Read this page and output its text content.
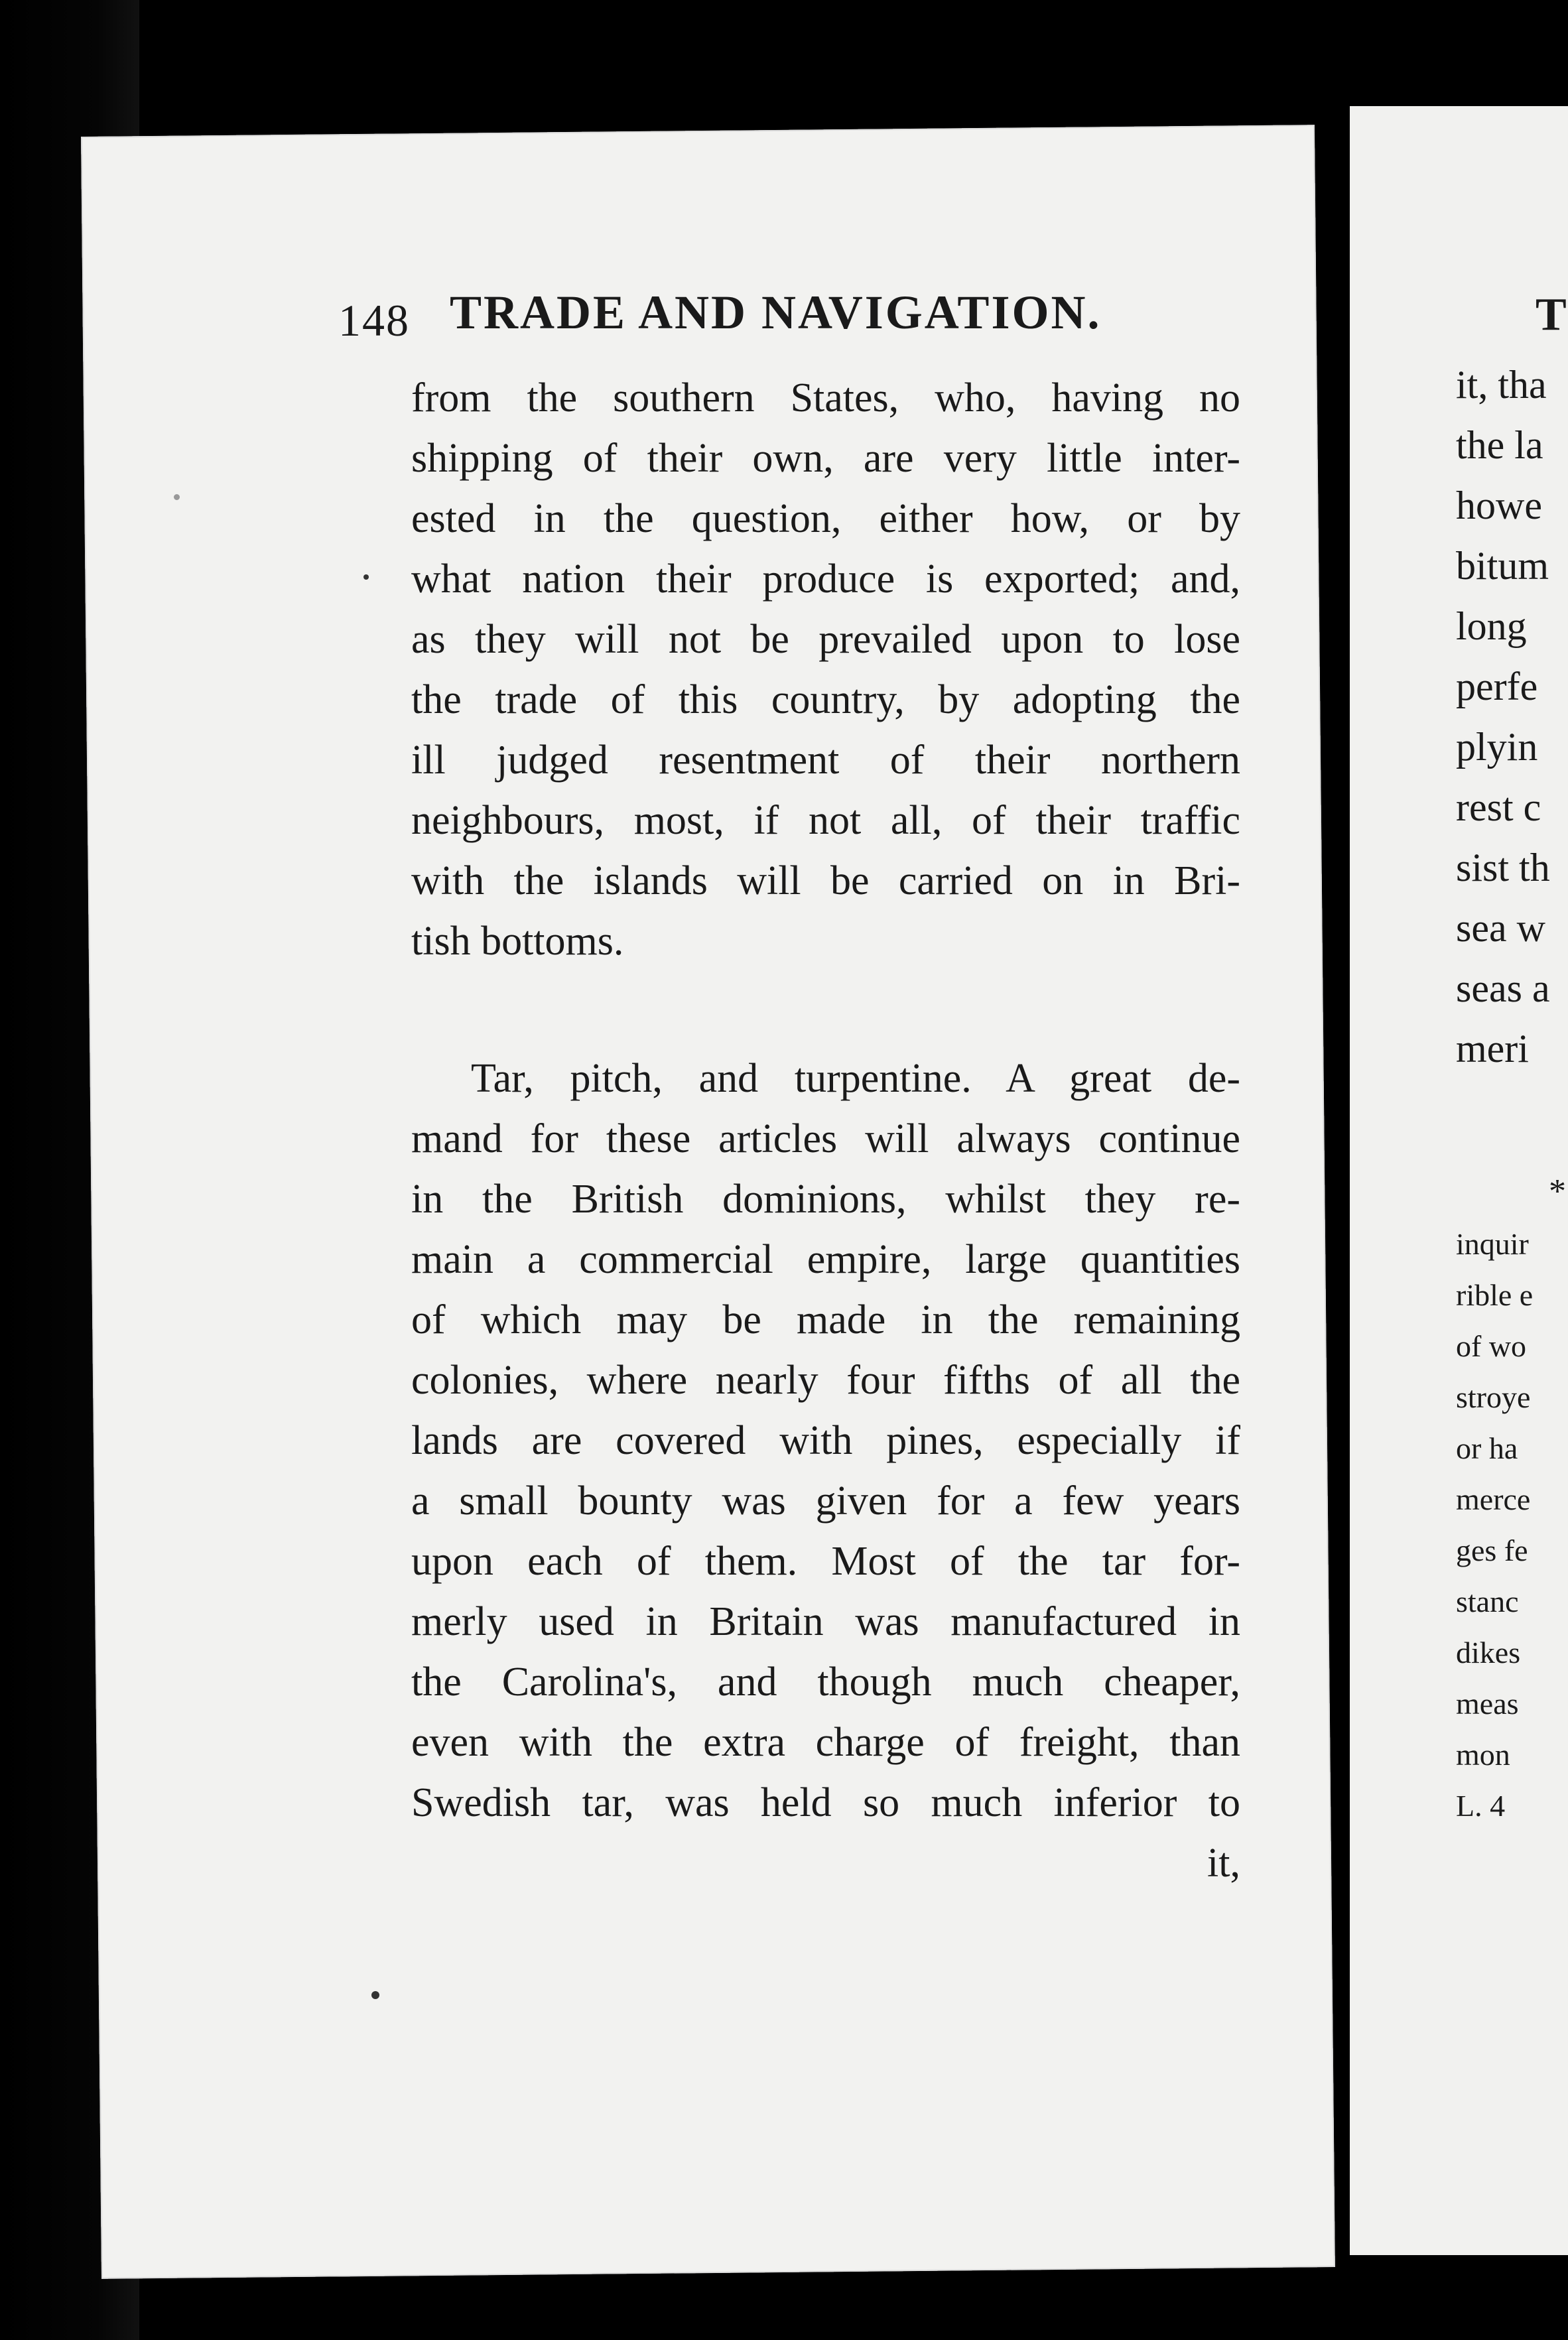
148 TRADE AND NAVIGATION.
from the southern States, who, having no
shipping of their own, are very little inter-
ested in the question, either how, or by
what nation their produce is exported; and,
as they will not be prevailed upon to lose
the trade of this country, by adopting the
ill judged resentment of their northern
neighbours, most, if not all, of their traffic
with the islands will be carried on in Bri-
tish bottoms.
Tar, pitch, and turpentine. A great de-
mand for these articles will always continue
in the British dominions, whilst they re-
main a commercial empire, large quantities
of which may be made in the remaining
colonies, where nearly four fifths of all the
lands are covered with pines, especially if
a small bounty was given for a few years
upon each of them. Most of the tar for-
merly used in Britain was manufactured in
the Carolina's, and though much cheaper,
even with the extra charge of freight, than
Swedish tar, was held so much inferior to
it,
T
it, tha
the la
howe
bitum
long
perfe
plyin
rest c
sist th
sea w
seas a
meri
*
inquir
rible e
of wo
stroye
or ha
merce
ges fe
stanc
dikes
meas
mon
L. 4
